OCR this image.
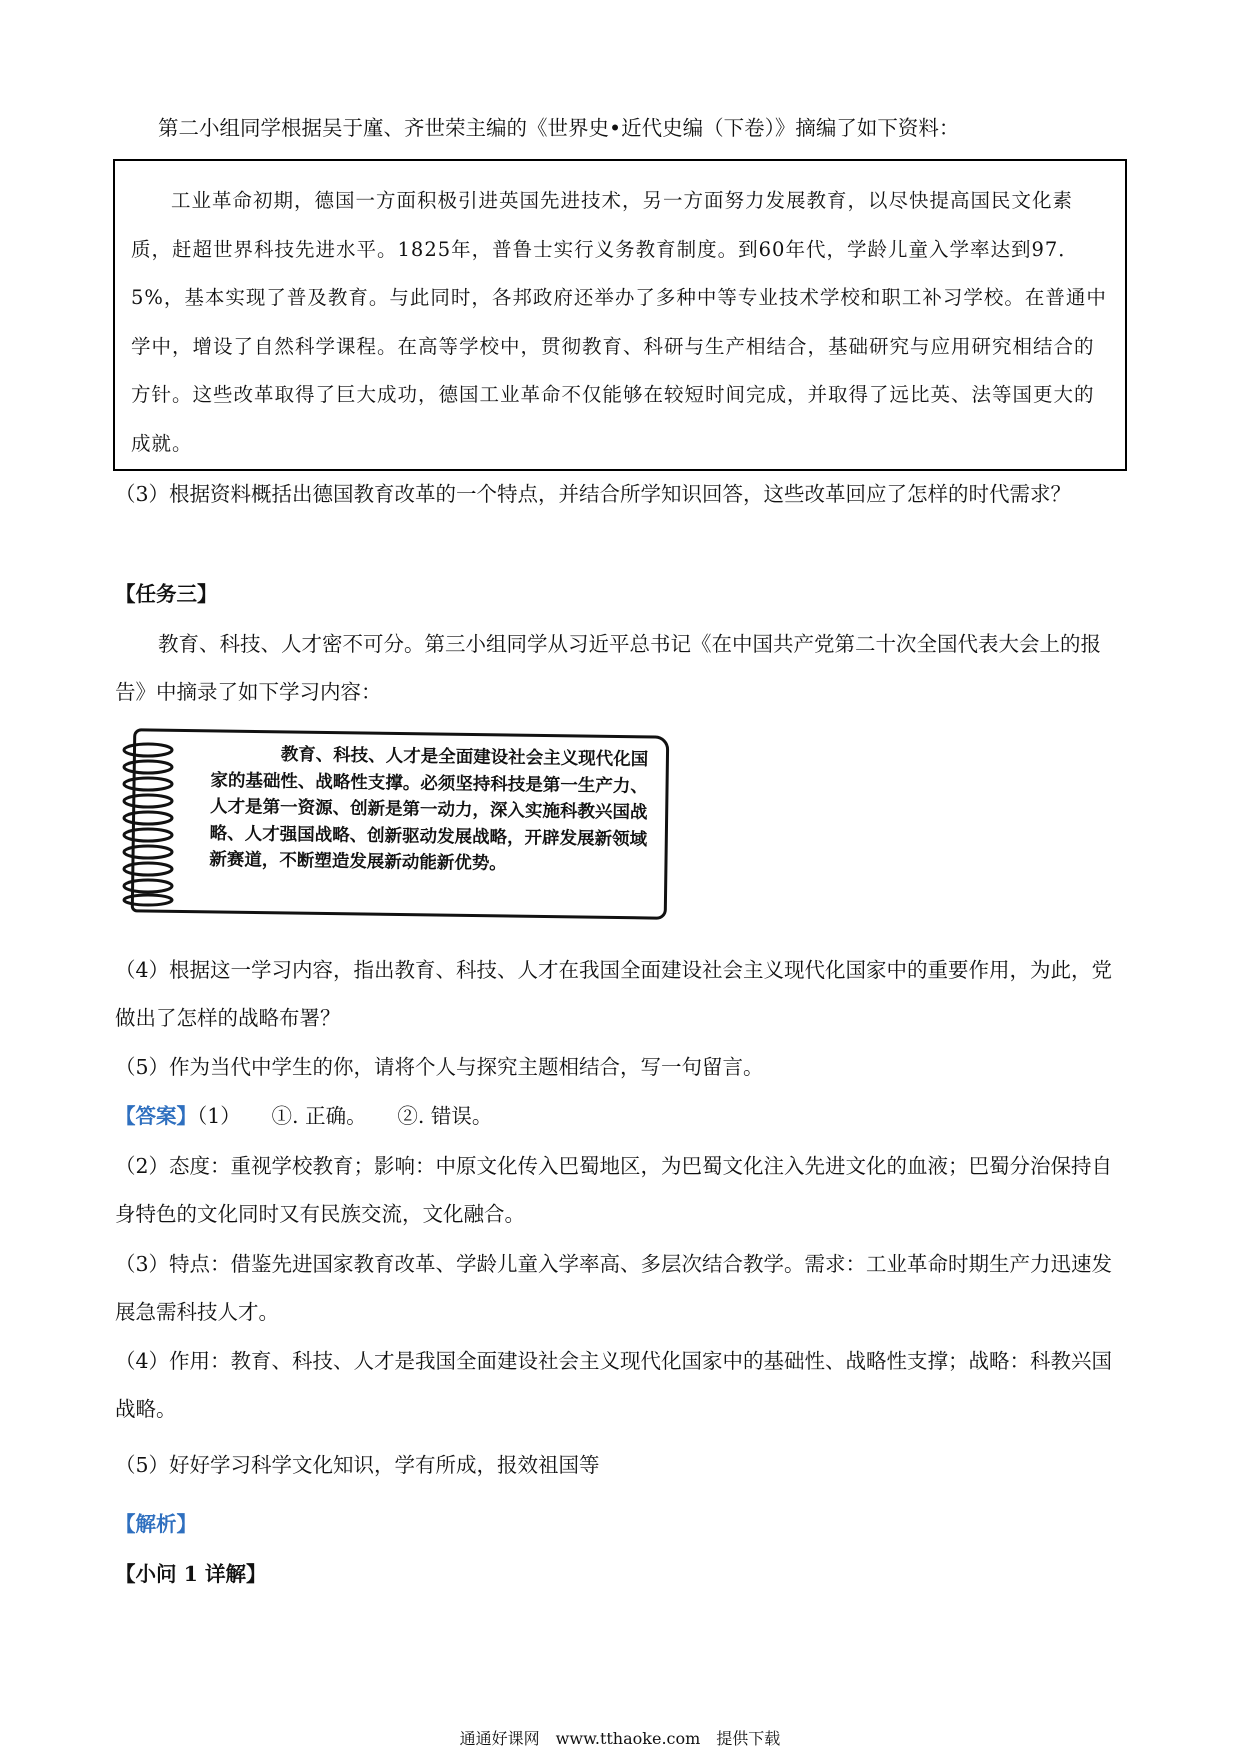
第二小组同学根据吴于廑、齐世荣主编的《世界史•近代史编（下卷）》摘编了如下资料：

工业革命初期，德国一方面积极引进英国先进技术，另一方面努力发展教育，以尽快提高国民文化素质，赶超世界科技先进水平。1825年，普鲁士实行义务教育制度。到60年代，学龄儿童入学率达到97．5%，基本实现了普及教育。与此同时，各邦政府还举办了多种中等专业技术学校和职工补习学校。在普通中学中，增设了自然科学课程。在高等学校中，贯彻教育、科研与生产相结合，基础研究与应用研究相结合的方针。这些改革取得了巨大成功，德国工业革命不仅能够在较短时间完成，并取得了远比英、法等国更大的成就。

（3）根据资料概括出德国教育改革的一个特点，并结合所学知识回答，这些改革回应了怎样的时代需求？

【任务三】

教育、科技、人才密不可分。第三小组同学从习近平总书记《在中国共产党第二十次全国代表大会上的报告》中摘录了如下学习内容：

教育、科技、人才是全面建设社会主义现代化国家的基础性、战略性支撑。必须坚持科技是第一生产力、人才是第一资源、创新是第一动力，深入实施科教兴国战略、人才强国战略、创新驱动发展战略，开辟发展新领域新赛道，不断塑造发展新动能新优势。

（4）根据这一学习内容，指出教育、科技、人才在我国全面建设社会主义现代化国家中的重要作用，为此，党做出了怎样的战略布署？

（5）作为当代中学生的你，请将个人与探究主题相结合，写一句留言。

【答案】（1）　　①. 正确。　　②. 错误。

（2）态度：重视学校教育；影响：中原文化传入巴蜀地区，为巴蜀文化注入先进文化的血液；巴蜀分治保持自身特色的文化同时又有民族交流，文化融合。

（3）特点：借鉴先进国家教育改革、学龄儿童入学率高、多层次结合教学。需求：工业革命时期生产力迅速发展急需科技人才。

（4）作用：教育、科技、人才是我国全面建设社会主义现代化国家中的基础性、战略性支撑；战略：科教兴国战略。

（5）好好学习科学文化知识，学有所成，报效祖国等

【解析】

【小问 1 详解】

通通好课网　www.tthaoke.com　提供下载
